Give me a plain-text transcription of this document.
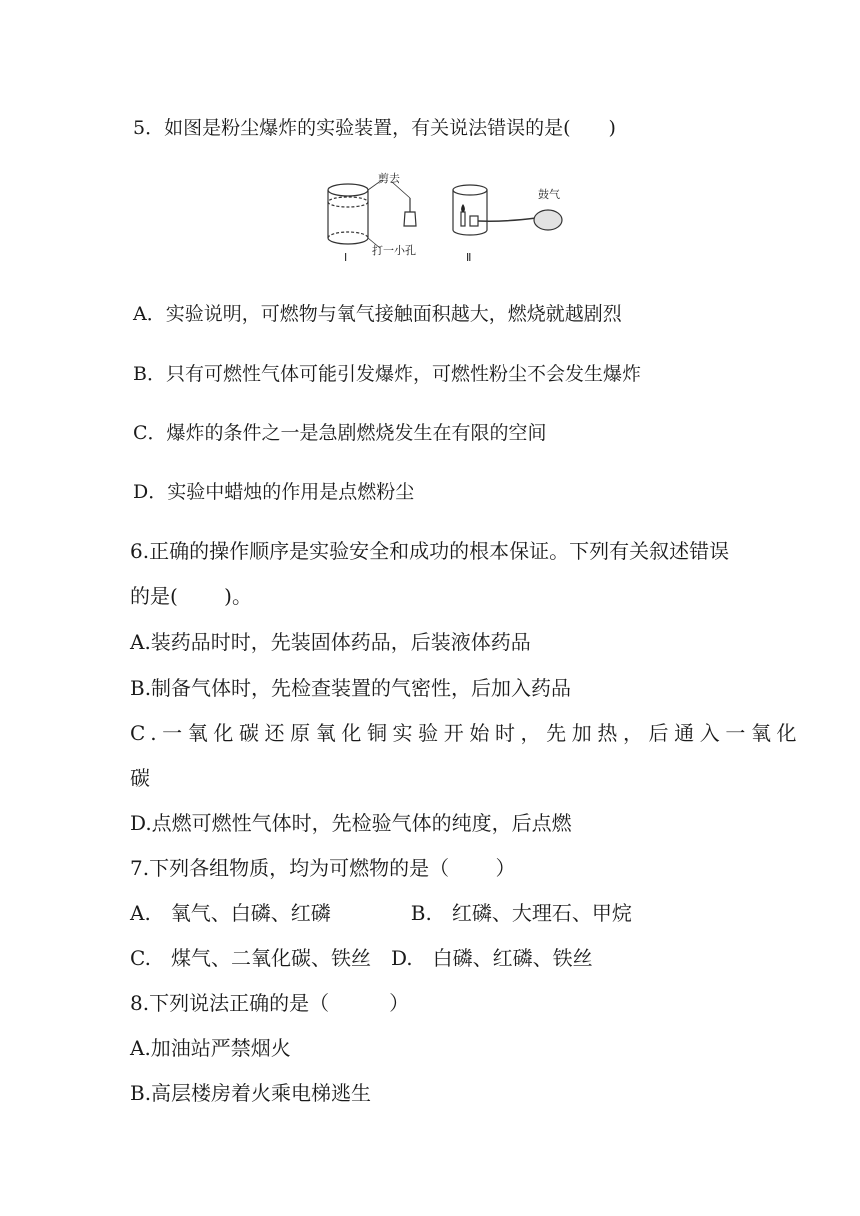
5．如图是粉尘爆炸的实验装置，有关说法错误的是(　　)
剪去
打一小孔
Ⅰ
鼓气
Ⅱ
A．实验说明，可燃物与氧气接触面积越大，燃烧就越剧烈
B．只有可燃性气体可能引发爆炸，可燃性粉尘不会发生爆炸
C．爆炸的条件之一是急剧燃烧发生在有限的空间
D．实验中蜡烛的作用是点燃粉尘
6.正确的操作顺序是实验安全和成功的根本保证。下列有关叙述错误
的是(　　 )。
A.装药品时时，先装固体药品，后装液体药品
B.制备气体时，先检查装置的气密性，后加入药品
C.一氧化碳还原氧化铜实验开始时，先加热，后通入一氧化
碳
D.点燃可燃性气体时，先检验气体的纯度，后点燃
7.下列各组物质，均为可燃物的是（　　 ）
A.　氧气、白磷、红磷　　　　B.　红磷、大理石、甲烷
C.　煤气、二氧化碳、铁丝　D.　白磷、红磷、铁丝
8.下列说法正确的是（　　　）
A.加油站严禁烟火
B.高层楼房着火乘电梯逃生
